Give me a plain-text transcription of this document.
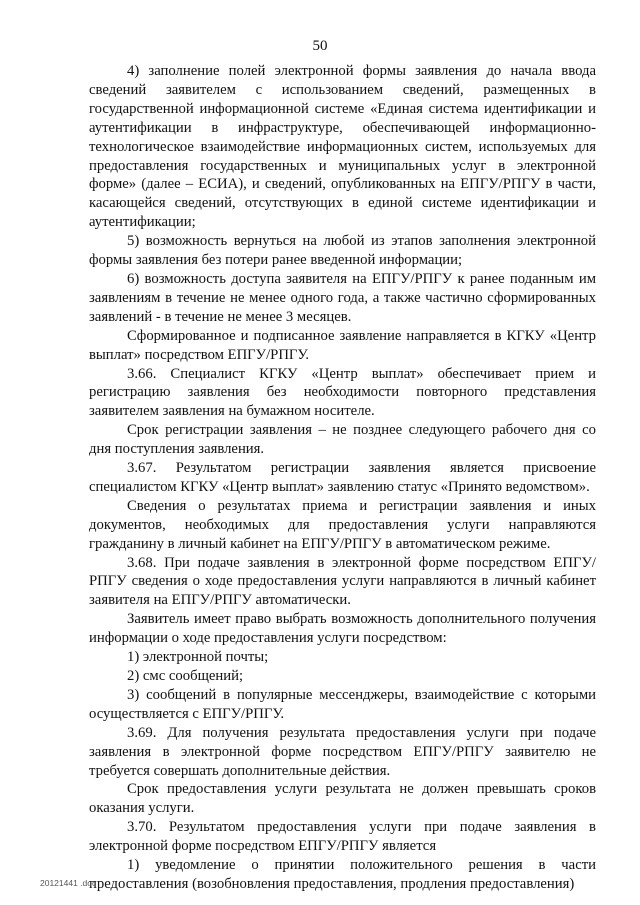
50

4) заполнение полей электронной формы заявления до начала ввода сведений заявителем с использованием сведений, размещенных в государственной информационной системе «Единая система идентификации и аутентификации в инфраструктуре, обеспечивающей информационно-технологическое взаимодействие информационных систем, используемых для предоставления государственных и муниципальных услуг в электронной форме» (далее – ЕСИА), и сведений, опубликованных на ЕПГУ/РПГУ в части, касающейся сведений, отсутствующих в единой системе идентификации и аутентификации;

5) возможность вернуться на любой из этапов заполнения электронной формы заявления без потери ранее введенной информации;

6) возможность доступа заявителя на ЕПГУ/РПГУ к ранее поданным им заявлениям в течение не менее одного года, а также частично сформированных заявлений - в течение не менее 3 месяцев.

Сформированное и подписанное заявление направляется в КГКУ «Центр выплат» посредством ЕПГУ/РПГУ.

3.66. Специалист КГКУ «Центр выплат» обеспечивает прием и регистрацию заявления без необходимости повторного представления заявителем заявления на бумажном носителе.

Срок регистрации заявления – не позднее следующего рабочего дня со дня поступления заявления.

3.67. Результатом регистрации заявления является присвоение специалистом КГКУ «Центр выплат» заявлению статус «Принято ведомством».

Сведения о результатах приема и регистрации заявления и иных документов, необходимых для предоставления услуги направляются гражданину в личный кабинет на ЕПГУ/РПГУ в автоматическом режиме.

3.68. При подаче заявления в электронной форме посредством ЕПГУ/РПГУ сведения о ходе предоставления услуги направляются в личный кабинет заявителя на ЕПГУ/РПГУ автоматически.

Заявитель имеет право выбрать возможность дополнительного получения информации о ходе предоставления услуги посредством:

1) электронной почты;

2) смс сообщений;

3) сообщений в популярные мессенджеры, взаимодействие с которыми осуществляется с ЕПГУ/РПГУ.

3.69. Для получения результата предоставления услуги при подаче заявления в электронной форме посредством ЕПГУ/РПГУ заявителю не требуется совершать дополнительные действия.

Срок предоставления услуги результата не должен превышать сроков оказания услуги.

3.70. Результатом предоставления услуги при подаче заявления в электронной форме посредством ЕПГУ/РПГУ является

1) уведомление о принятии положительного решения в части предоставления (возобновления предоставления, продления предоставления)

20121441 .doc
